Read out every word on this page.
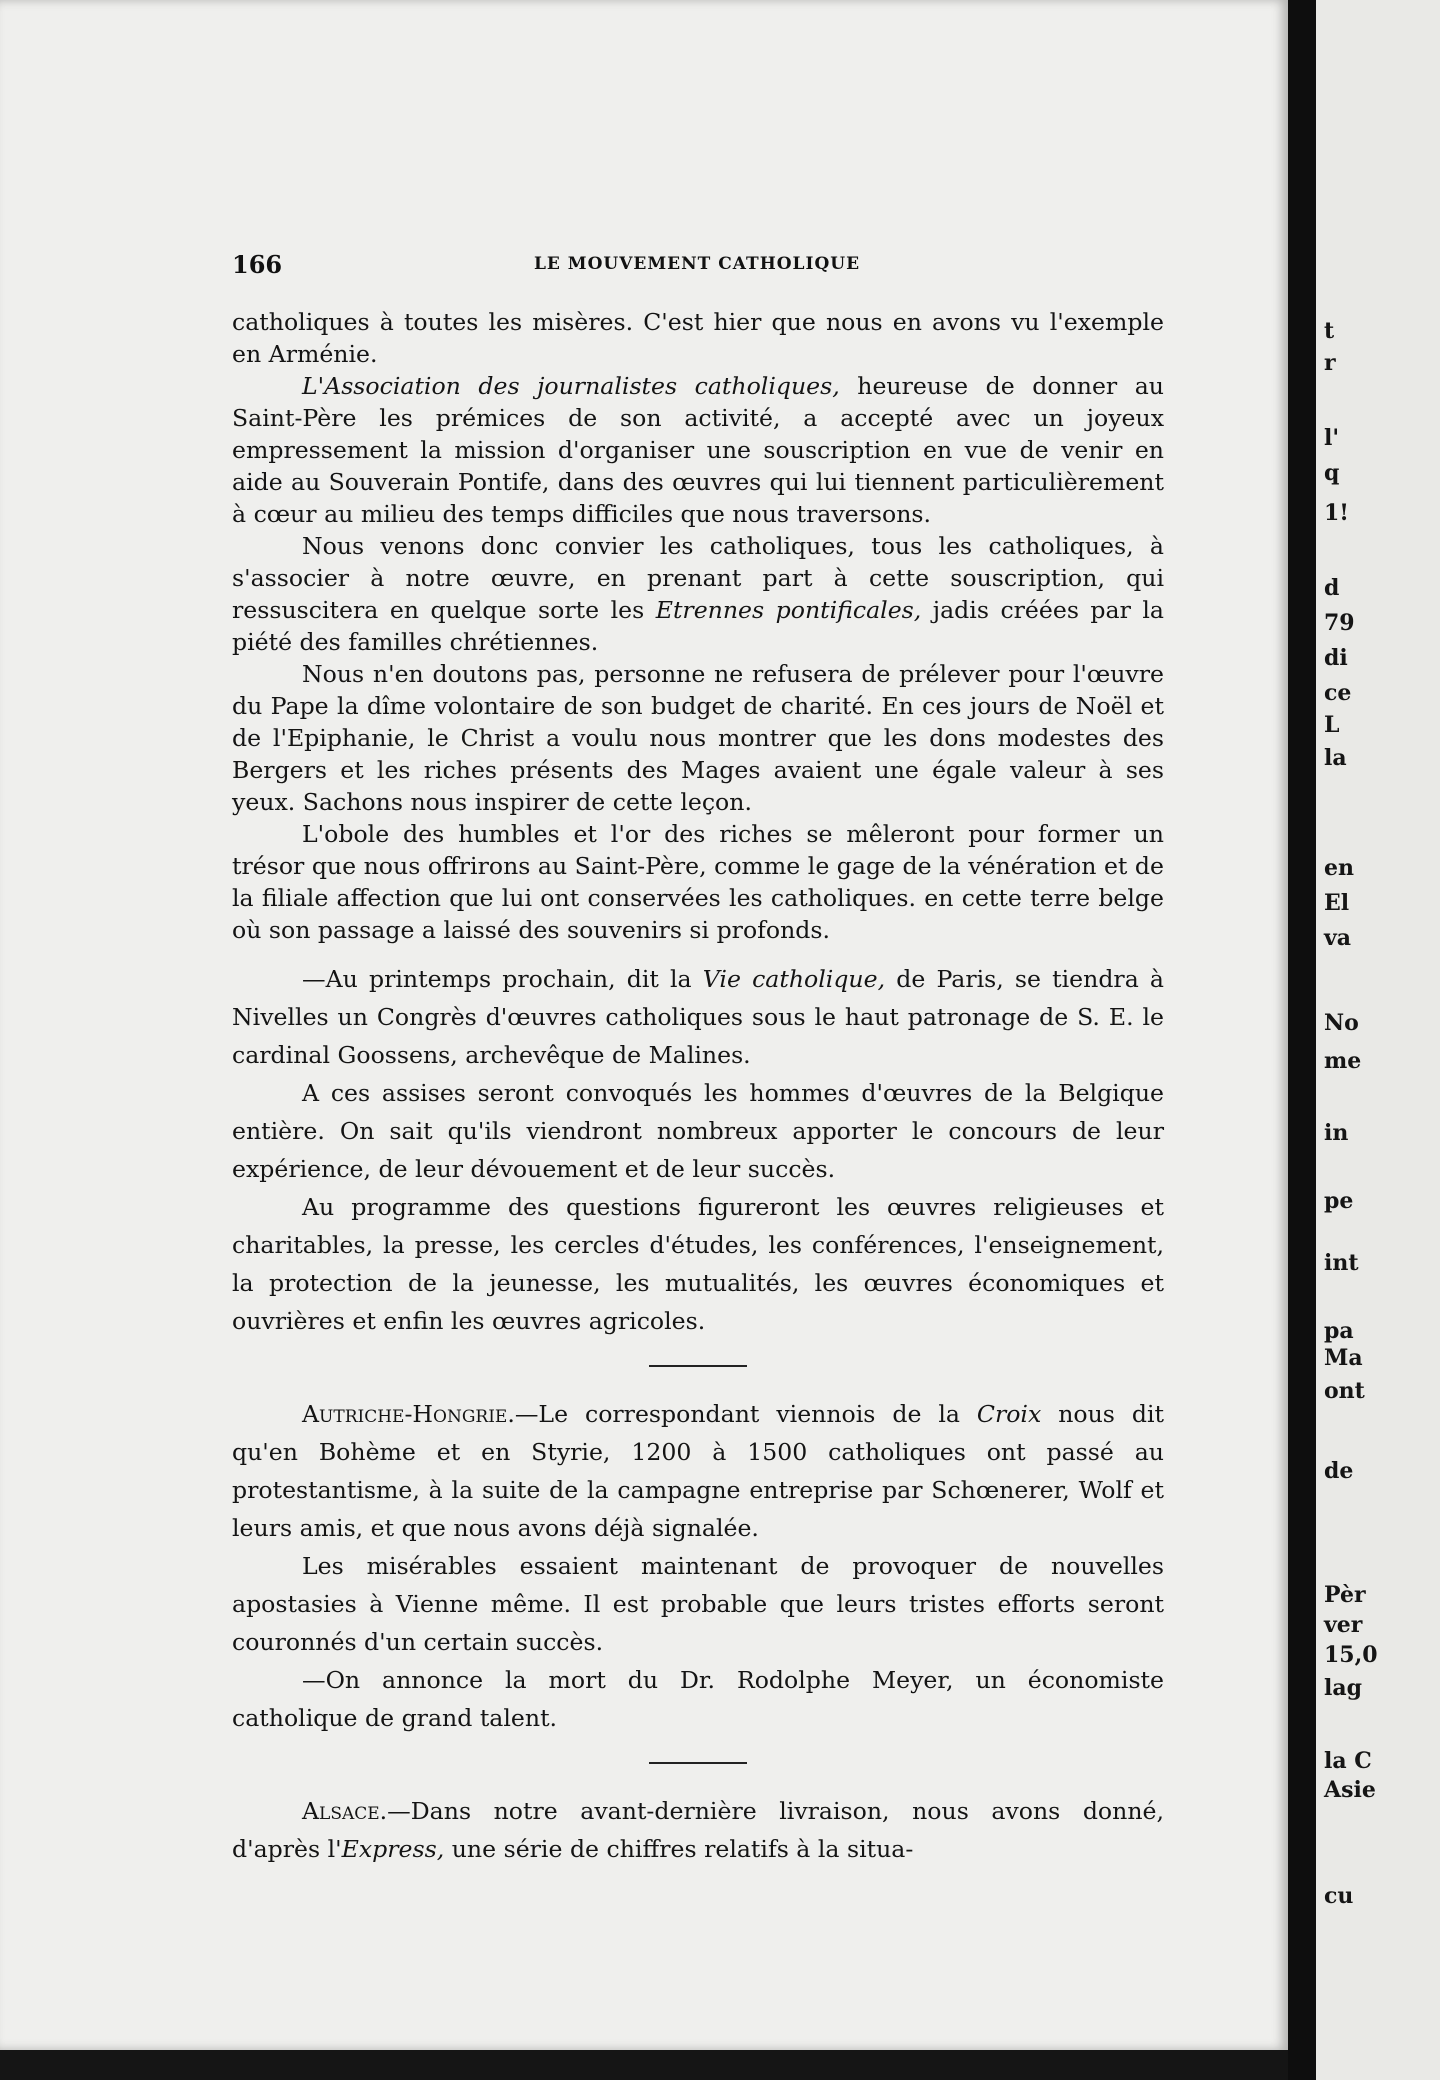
166	LE MOUVEMENT CATHOLIQUE

catholiques à toutes les misères. C'est hier que nous en avons vu l'exemple en Arménie.

L'Association des journalistes catholiques, heureuse de donner au Saint-Père les prémices de son activité, a accepté avec un joyeux empressement la mission d'organiser une souscription en vue de venir en aide au Souverain Pontife, dans des œuvres qui lui tiennent particulièrement à cœur au milieu des temps difficiles que nous traversons.

Nous venons donc convier les catholiques, tous les catholiques, à s'associer à notre œuvre, en prenant part à cette souscription, qui ressuscitera en quelque sorte les Etrennes pontificales, jadis créées par la piété des familles chrétiennes.

Nous n'en doutons pas, personne ne refusera de prélever pour l'œuvre du Pape la dîme volontaire de son budget de charité. En ces jours de Noël et de l'Epiphanie, le Christ a voulu nous montrer que les dons modestes des Bergers et les riches présents des Mages avaient une égale valeur à ses yeux. Sachons nous inspirer de cette leçon.

L'obole des humbles et l'or des riches se mêleront pour former un trésor que nous offrirons au Saint-Père, comme le gage de la vénération et de la filiale affection que lui ont conservées les catholiques. en cette terre belge où son passage a laissé des souvenirs si profonds.

—Au printemps prochain, dit la Vie catholique, de Paris, se tiendra à Nivelles un Congrès d'œuvres catholiques sous le haut patronage de S. E. le cardinal Goossens, archevêque de Malines.

A ces assises seront convoqués les hommes d'œuvres de la Belgique entière. On sait qu'ils viendront nombreux apporter le concours de leur expérience, de leur dévouement et de leur succès.

Au programme des questions figureront les œuvres religieuses et charitables, la presse, les cercles d'études, les conférences, l'enseignement, la protection de la jeunesse, les mutualités, les œuvres économiques et ouvrières et enfin les œuvres agricoles.

Autriche-Hongrie.—Le correspondant viennois de la Croix nous dit qu'en Bohème et en Styrie, 1200 à 1500 catholiques ont passé au protestantisme, à la suite de la campagne entreprise par Schœnerer, Wolf et leurs amis, et que nous avons déjà signalée.

Les misérables essaient maintenant de provoquer de nouvelles apostasies à Vienne même. Il est probable que leurs tristes efforts seront couronnés d'un certain succès.

—On annonce la mort du Dr. Rodolphe Meyer, un économiste catholique de grand talent.

Alsace.—Dans notre avant-dernière livraison, nous avons donné, d'après l'Express, une série de chiffres relatifs à la situa-

t
r
l'
q
1!
d
79
di
ce
L
la
en
El
va
No
me
in
pe
int
pa
Ma
ont
de
Pèr
ver
15,0
lag
la C
Asie
cu
